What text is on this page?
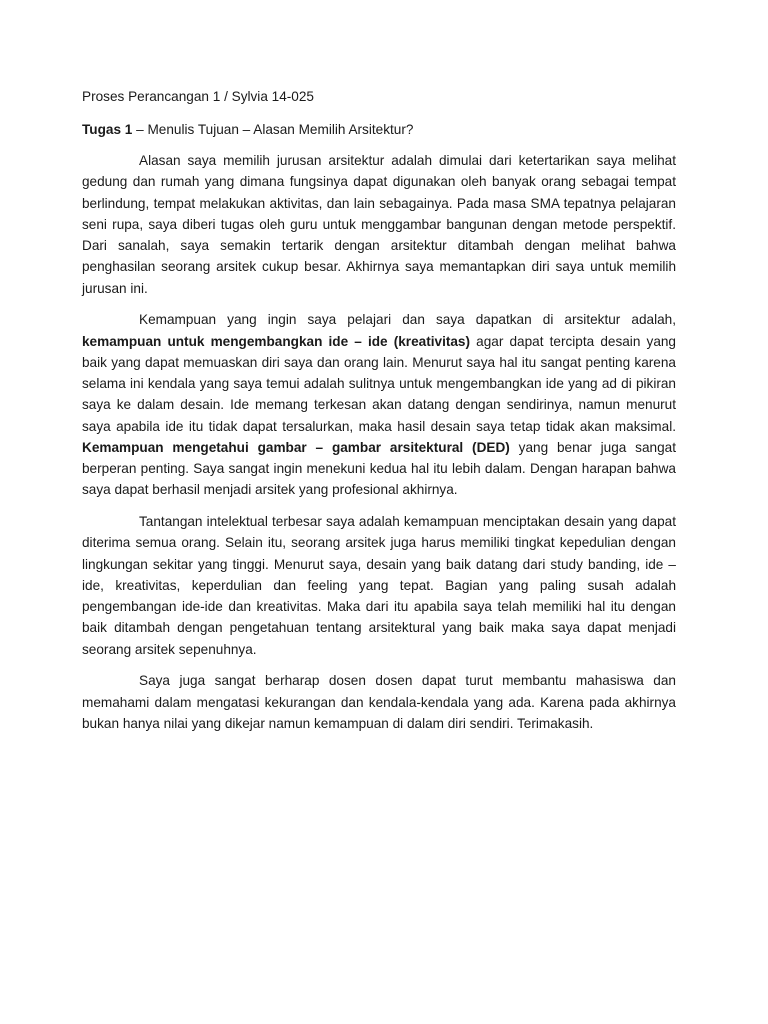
Proses Perancangan 1 / Sylvia 14-025

Tugas 1 – Menulis Tujuan – Alasan Memilih Arsitektur?

Alasan saya memilih jurusan arsitektur adalah dimulai dari ketertarikan saya melihat gedung dan rumah yang dimana fungsinya dapat digunakan oleh banyak orang sebagai tempat berlindung, tempat melakukan aktivitas, dan lain sebagainya. Pada masa SMA tepatnya pelajaran seni rupa, saya diberi tugas oleh guru untuk menggambar bangunan dengan metode perspektif. Dari sanalah, saya semakin tertarik dengan arsitektur ditambah dengan melihat bahwa penghasilan seorang arsitek cukup besar. Akhirnya saya memantapkan diri saya untuk memilih jurusan ini.

Kemampuan yang ingin saya pelajari dan saya dapatkan di arsitektur adalah, kemampuan untuk mengembangkan ide – ide (kreativitas) agar dapat tercipta desain yang baik yang dapat memuaskan diri saya dan orang lain. Menurut saya hal itu sangat penting karena selama ini kendala yang saya temui adalah sulitnya untuk mengembangkan ide yang ad di pikiran saya ke dalam desain. Ide memang terkesan akan datang dengan sendirinya, namun menurut saya apabila ide itu tidak dapat tersalurkan, maka hasil desain saya tetap tidak akan maksimal. Kemampuan mengetahui gambar – gambar arsitektural (DED) yang benar juga sangat berperan penting. Saya sangat ingin menekuni kedua hal itu lebih dalam. Dengan harapan bahwa saya dapat berhasil menjadi arsitek yang profesional akhirnya.

Tantangan intelektual terbesar saya adalah kemampuan menciptakan desain yang dapat diterima semua orang. Selain itu, seorang arsitek juga harus memiliki tingkat kepedulian dengan lingkungan sekitar yang tinggi. Menurut saya, desain yang baik datang dari study banding, ide – ide, kreativitas, keperdulian dan feeling yang tepat. Bagian yang paling susah adalah pengembangan ide-ide dan kreativitas. Maka dari itu apabila saya telah memiliki hal itu dengan baik ditambah dengan pengetahuan tentang arsitektural yang baik maka saya dapat menjadi seorang arsitek sepenuhnya.

Saya juga sangat berharap dosen dosen dapat turut membantu mahasiswa dan memahami dalam mengatasi kekurangan dan kendala-kendala yang ada. Karena pada akhirnya bukan hanya nilai yang dikejar namun kemampuan di dalam diri sendiri. Terimakasih.
